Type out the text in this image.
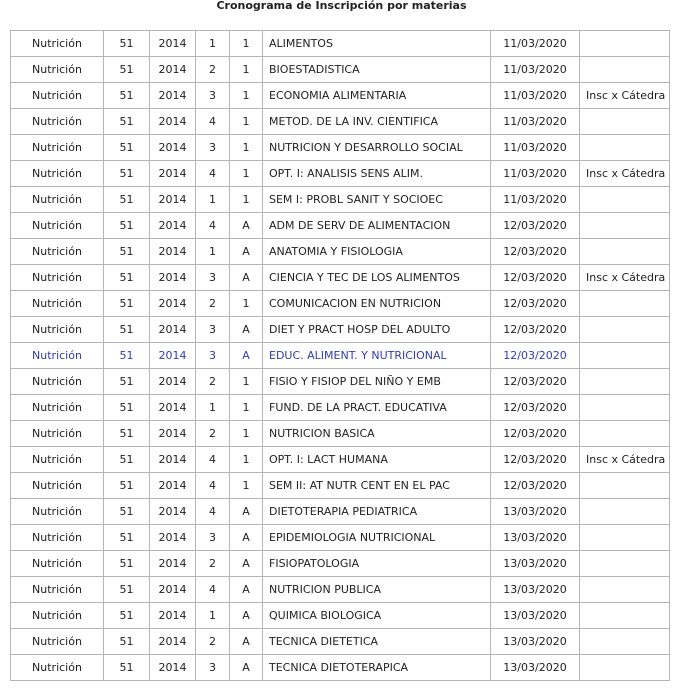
Cronograma de Inscripción por materias
Nutrición	51	2014	1	1	ALIMENTOS	11/03/2020	
Nutrición	51	2014	2	1	BIOESTADISTICA	11/03/2020	
Nutrición	51	2014	3	1	ECONOMIA ALIMENTARIA	11/03/2020	Insc x Cátedra
Nutrición	51	2014	4	1	METOD. DE LA INV. CIENTIFICA	11/03/2020	
Nutrición	51	2014	3	1	NUTRICION Y DESARROLLO SOCIAL	11/03/2020	
Nutrición	51	2014	4	1	OPT. I: ANALISIS SENS ALIM.	11/03/2020	Insc x Cátedra
Nutrición	51	2014	1	1	SEM I: PROBL SANIT Y SOCIOEC	11/03/2020	
Nutrición	51	2014	4	A	ADM DE SERV DE ALIMENTACION	12/03/2020	
Nutrición	51	2014	1	A	ANATOMIA Y FISIOLOGIA	12/03/2020	
Nutrición	51	2014	3	A	CIENCIA Y TEC DE LOS ALIMENTOS	12/03/2020	Insc x Cátedra
Nutrición	51	2014	2	1	COMUNICACION EN NUTRICION	12/03/2020	
Nutrición	51	2014	3	A	DIET Y PRACT HOSP DEL ADULTO	12/03/2020	
Nutrición	51	2014	3	A	EDUC. ALIMENT. Y NUTRICIONAL	12/03/2020	
Nutrición	51	2014	2	1	FISIO Y FISIOP DEL NIÑO Y EMB	12/03/2020	
Nutrición	51	2014	1	1	FUND. DE LA PRACT. EDUCATIVA	12/03/2020	
Nutrición	51	2014	2	1	NUTRICION BASICA	12/03/2020	
Nutrición	51	2014	4	1	OPT. I: LACT HUMANA	12/03/2020	Insc x Cátedra
Nutrición	51	2014	4	1	SEM II: AT NUTR CENT EN EL PAC	12/03/2020	
Nutrición	51	2014	4	A	DIETOTERAPIA PEDIATRICA	13/03/2020	
Nutrición	51	2014	3	A	EPIDEMIOLOGIA NUTRICIONAL	13/03/2020	
Nutrición	51	2014	2	A	FISIOPATOLOGIA	13/03/2020	
Nutrición	51	2014	4	A	NUTRICION PUBLICA	13/03/2020	
Nutrición	51	2014	1	A	QUIMICA BIOLOGICA	13/03/2020	
Nutrición	51	2014	2	A	TECNICA DIETETICA	13/03/2020	
Nutrición	51	2014	3	A	TECNICA DIETOTERAPICA	13/03/2020	
